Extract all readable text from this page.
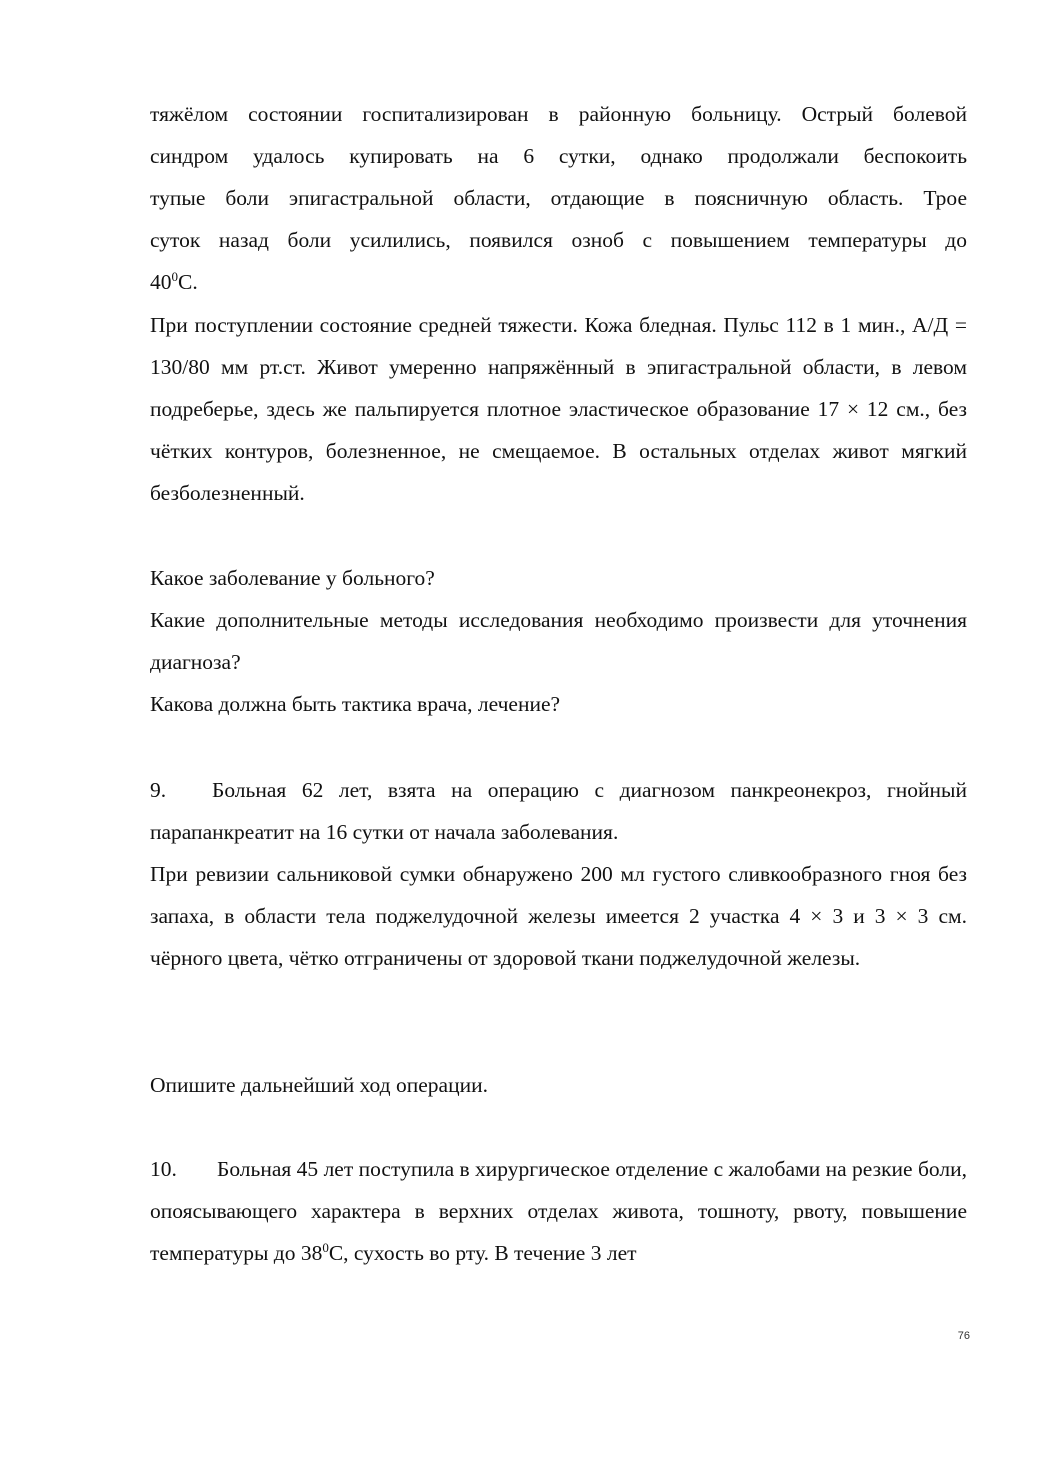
тяжёлом состоянии госпитализирован в районную больницу. Острый болевой
синдром удалось купировать на 6 сутки, однако продолжали беспокоить
тупые боли эпигастральной области, отдающие в поясничную область. Трое
суток назад боли усилились, появился озноб с повышением температуры до
$40^0С$.

При поступлении состояние средней тяжести. Кожа бледная. Пульс 112 в 1 мин., А/Д = 130/80 мм рт.ст. Живот умеренно напряжённый в эпигастральной области, в левом подреберье, здесь же пальпируется плотное эластическое образование 17 × 12 см., без чётких контуров, болезненное, не смещаемое. В остальных отделах живот мягкий безболезненный.

Какое заболевание у больного?
Какие дополнительные методы исследования необходимо произвести для уточнения диагноза?
Какова должна быть тактика врача, лечение?
9. Больная 62 лет, взята на операцию с диагнозом панкреонекроз, гнойный парапанкреатит на 16 сутки от начала заболевания.

При ревизии сальниковой сумки обнаружено 200 мл густого сливкообразного гноя без запаха, в области тела поджелудочной железы имеется 2 участка 4 × 3 и 3 × 3 см. чёрного цвета, чётко отграничены от здоровой ткани поджелудочной железы.

Опишите дальнейший ход операции.

10. Больная 45 лет поступила в хирургическое отделение с жалобами на резкие боли, опоясывающего характера в верхних отделах живота, тошноту, рвоту, повышение температуры до $38^0С$, сухость во рту. В течение 3 лет
76
